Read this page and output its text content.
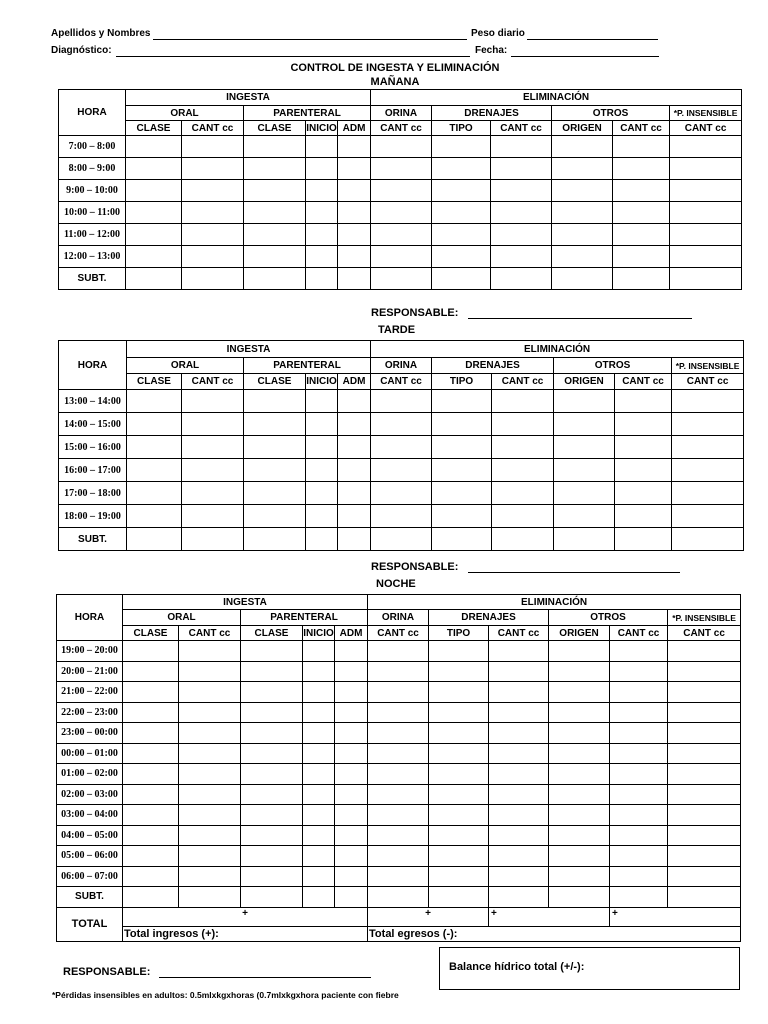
Apellidos y Nombres	Peso diario
Diagnóstico:	Fecha:
CONTROL DE INGESTA Y ELIMINACIÓN
MAÑANA
HORA	INGESTA					ELIMINACIÓN					
	ORAL		PARENTERAL			ORINA	DRENAJES		OTROS		*P. INSENSIBLE
	CLASE	CANT cc	CLASE	INICIO	ADM	CANT cc	TIPO	CANT cc	ORIGEN	CANT cc	CANT cc
7:00 – 8:00											
8:00 – 9:00											
9:00 – 10:00											
10:00 – 11:00											
11:00 – 12:00											
12:00 – 13:00											
SUBT.											
RESPONSABLE:
TARDE
HORA	INGESTA					ELIMINACIÓN					
	ORAL		PARENTERAL			ORINA	DRENAJES		OTROS		*P. INSENSIBLE
	CLASE	CANT cc	CLASE	INICIO	ADM	CANT cc	TIPO	CANT cc	ORIGEN	CANT cc	CANT cc
13:00 – 14:00											
14:00 – 15:00											
15:00 – 16:00											
16:00 – 17:00											
17:00 – 18:00											
18:00 – 19:00											
SUBT.											
RESPONSABLE:
NOCHE
HORA	INGESTA					ELIMINACIÓN					
	ORAL		PARENTERAL			ORINA	DRENAJES		OTROS		*P. INSENSIBLE
	CLASE	CANT cc	CLASE	INICIO	ADM	CANT cc	TIPO	CANT cc	ORIGEN	CANT cc	CANT cc
19:00 – 20:00											
20:00 – 21:00											
21:00 – 22:00											
22:00 – 23:00											
23:00 – 00:00											
00:00 – 01:00											
01:00 – 02:00											
02:00 – 03:00											
03:00 – 04:00											
04:00 – 05:00											
05:00 – 06:00											
06:00 – 07:00											
SUBT.											
TOTAL	+					+		+		+	
	Total ingresos (+):					Total egresos (-):					
RESPONSABLE:	Balance hídrico total (+/-):
*Pérdidas insensibles en adultos: 0.5mlxkgxhoras (0.7mlxkgxhora paciente con fiebre
